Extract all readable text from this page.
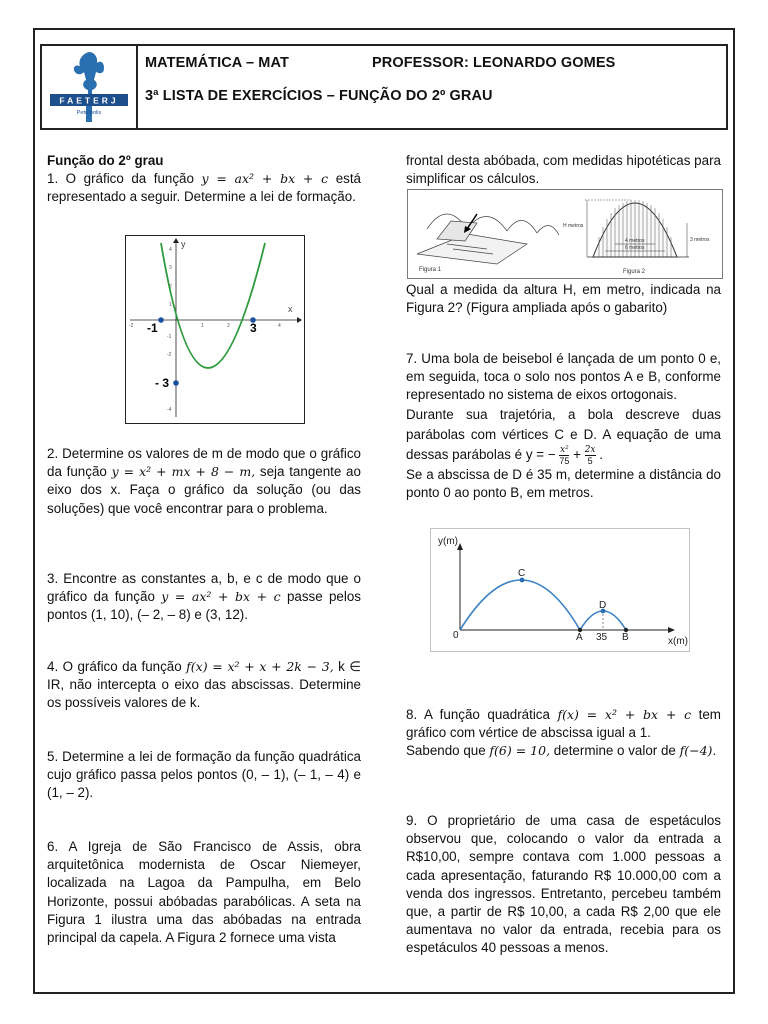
FAETERJ
Petrópolis
MATEMÁTICA – MAT	PROFESSOR: LEONARDO GOMES
3ª LISTA DE EXERCÍCIOS – FUNÇÃO DO 2º GRAU

Função do 2º grau

1. O gráfico da função y = ax² + bx + c está representado a seguir. Determine a lei de formação.

x
y
-2	1	2	4
4
3
2
1
-1
-2
-4
-1	3
- 3

2. Determine os valores de m de modo que o gráfico da função y = x² + mx + 8 − m, seja tangente ao eixo dos x. Faça o gráfico da solução (ou das soluções) que você encontrar para o problema.

3. Encontre as constantes a, b, e c de modo que o gráfico da função y = ax² + bx + c passe pelos pontos (1, 10), (– 2, – 8) e (3, 12).

4. O gráfico da função f(x) = x² + x + 2k − 3, k ∈ IR, não intercepta o eixo das abscissas. Determine os possíveis valores de k.

5. Determine a lei de formação da função quadrática cujo gráfico passa pelos pontos (0, – 1), (– 1, – 4) e (1, – 2).

6. A Igreja de São Francisco de Assis, obra arquitetônica modernista de Oscar Niemeyer, localizada na Lagoa da Pampulha, em Belo Horizonte, possui abóbadas parabólicas. A seta na Figura 1 ilustra uma das abóbadas na entrada principal da capela. A Figura 2 fornece uma vista

frontal desta abóbada, com medidas hipotéticas para simplificar os cálculos.

Figura 1
H metros
4 metros
6 metros
3 metros
Figura 2

Qual a medida da altura H, em metro, indicada na Figura 2? (Figura ampliada após o gabarito)

7. Uma bola de beisebol é lançada de um ponto 0 e, em seguida, toca o solo nos pontos A e B, conforme representado no sistema de eixos ortogonais.

Durante sua trajetória, a bola descreve duas parábolas com vértices C e D. A equação de uma dessas parábolas é y = − $\frac{\text{x²}}{75} + \frac{2x}{5}$ .

Se a abscissa de D é 35 m, determine a distância do ponto 0 ao ponto B, em metros.

y(m)
x(m)
0
C
D
A	B
35

8. A função quadrática f(x) = x² + bx + c tem gráfico com vértice de abscissa igual a 1.

Sabendo que f(6) = 10, determine o valor de f(−4).

9. O proprietário de uma casa de espetáculos observou que, colocando o valor da entrada a R$10,00, sempre contava com 1.000 pessoas a cada apresentação, faturando R$ 10.000,00 com a venda dos ingressos. Entretanto, percebeu também que, a partir de R$ 10,00, a cada R$ 2,00 que ele aumentava no valor da entrada, recebia para os espetáculos 40 pessoas a menos.
